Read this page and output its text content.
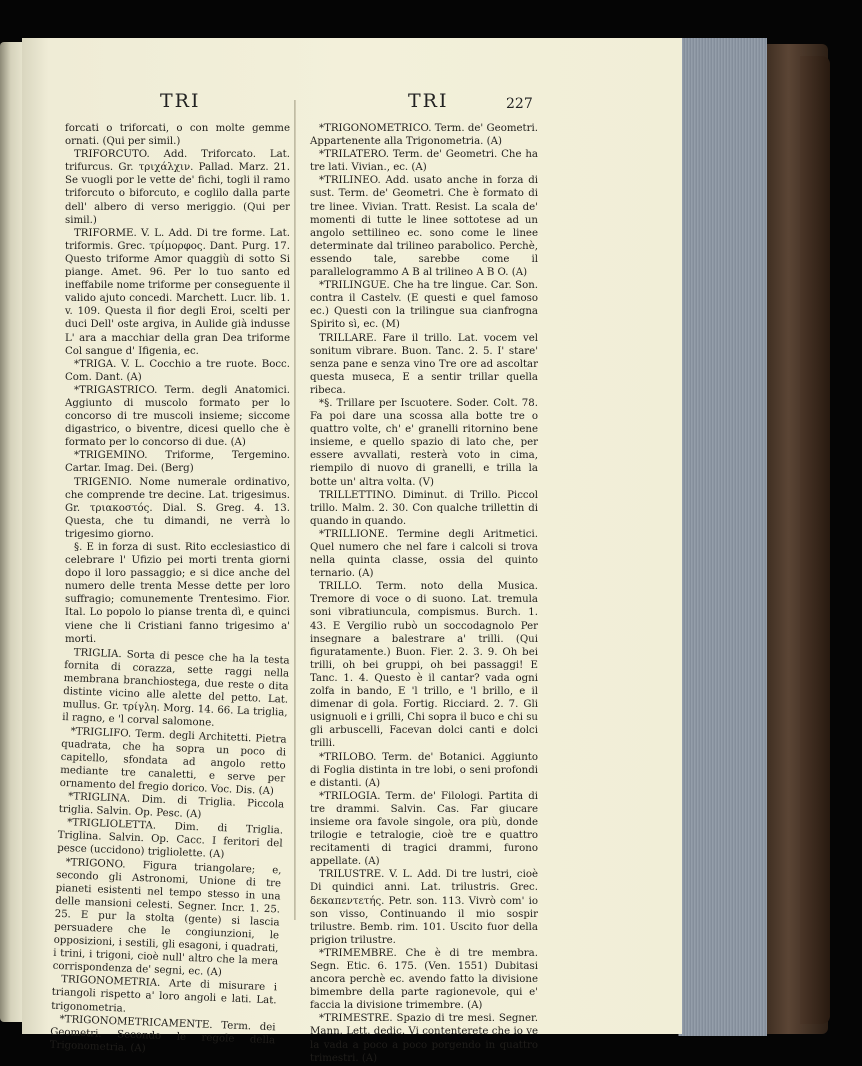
TRI	TRI	227

forcati o triforcati, o con molte gemme ornati. (Qui per simil.)

TRIFORCUTO. Add. Triforcato. Lat. trifurcus. Gr. τριχάλχιν. Pallad. Marz. 21. Se vuogli por le vette de' fichi, togli il ramo triforcuto o biforcuto, e coglilo dalla parte dell' albero di verso meriggio. (Qui per simil.)

TRIFORME. V. L. Add. Di tre forme. Lat. triformis. Grec. τρίμορφος. Dant. Purg. 17. Questo triforme Amor quaggiù di sotto Si piange. Amet. 96. Per lo tuo santo ed ineffabile nome triforme per conseguente il valido ajuto concedi. Marchett. Lucr. lib. 1. v. 109. Questa il fior degli Eroi, scelti per duci Dell' oste argiva, in Aulide già indusse L' ara a macchiar della gran Dea triforme Col sangue d' Ifigenia, ec.

*TRIGA. V. L. Cocchio a tre ruote. Bocc. Com. Dant. (A)

*TRIGASTRICO. Term. degli Anatomici. Aggiunto di muscolo formato per lo concorso di tre muscoli insieme; siccome digastrico, o biventre, dicesi quello che è formato per lo concorso di due. (A)

*TRIGEMINO. Triforme, Tergemino. Cartar. Imag. Dei. (Berg)

TRIGENIO. Nome numerale ordinativo, che comprende tre decine. Lat. trigesimus. Gr. τριακοστός. Dial. S. Greg. 4. 13. Questa, che tu dimandi, ne verrà lo trigesimo giorno.

§. E in forza di sust. Rito ecclesiastico di celebrare l' Ufizio pei morti trenta giorni dopo il loro passaggio; e si dice anche del numero delle trenta Messe dette per loro suffragio; comunemente Trentesimo. Fior. Ital. Lo popolo lo pianse trenta dì, e quinci viene che li Cristiani fanno trigesimo a' morti.

TRIGLIA. Sorta di pesce che ha la testa fornita di corazza, sette raggi nella membrana branchiostega, due reste o dita distinte vicino alle alette del petto. Lat. mullus. Gr. τρίγλη. Morg. 14. 66. La triglia, il ragno, e 'l corval salomone.

*TRIGLIFO. Term. degli Architetti. Pietra quadrata, che ha sopra un poco di capitello, sfondata ad angolo retto mediante tre canaletti, e serve per ornamento del fregio dorico. Voc. Dis. (A)

*TRIGLINA. Dim. di Triglia. Piccola triglia. Salvin. Op. Pesc. (A)

*TRIGLIOLETTA. Dim. di Triglia. Triglina. Salvin. Op. Cacc. I feritori del pesce (uccidono) trigliolette. (A)

*TRIGONO. Figura triangolare; e, secondo gli Astronomi, Unione di tre pianeti esistenti nel tempo stesso in una delle mansioni celesti. Segner. Incr. 1. 25. 25. E pur la stolta (gente) si lascia persuadere che le congiunzioni, le opposizioni, i sestili, gli esagoni, i quadrati, i trini, i trigoni, cioè null' altro che la mera corrispondenza de' segni, ec. (A)

TRIGONOMETRIA. Arte di misurare i triangoli rispetto a' loro angoli e lati. Lat. trigonometria.

*TRIGONOMETRICAMENTE. Term. dei Geometri. Secondo le regole della Trigonometria. (A)

*TRIGONOMETRICO. Term. de' Geometri. Appartenente alla Trigonometria. (A)

*TRILATERO. Term. de' Geometri. Che ha tre lati. Vivian., ec. (A)

*TRILINEO. Add. usato anche in forza di sust. Term. de' Geometri. Che è formato di tre linee. Vivian. Tratt. Resist. La scala de' momenti di tutte le linee sottotese ad un angolo settilineo ec. sono come le linee determinate dal trilineo parabolico. Perchè, essendo tale, sarebbe come il parallelogrammo A B al trilineo A B O. (A)

*TRILINGUE. Che ha tre lingue. Car. Son. contra il Castelv. (E questi e quel famoso ec.) Questi con la trilingue sua cianfrogna Spirito sì, ec. (M)

TRILLARE. Fare il trillo. Lat. vocem vel sonitum vibrare. Buon. Tanc. 2. 5. I' stare' senza pane e senza vino Tre ore ad ascoltar questa museca, E a sentir trillar quella ribeca.

*§. Trillare per Iscuotere. Soder. Colt. 78. Fa poi dare una scossa alla botte tre o quattro volte, ch' e' granelli ritornino bene insieme, e quello spazio di lato che, per essere avvallati, resterà voto in cima, riempilo di nuovo di granelli, e trilla la botte un' altra volta. (V)

TRILLETTINO. Diminut. di Trillo. Piccol trillo. Malm. 2. 30. Con qualche trillettin di quando in quando.

*TRILLIONE. Termine degli Aritmetici. Quel numero che nel fare i calcoli si trova nella quinta classe, ossia del quinto ternario. (A)

TRILLO. Term. noto della Musica. Tremore di voce o di suono. Lat. tremula soni vibratiuncula, compismus. Burch. 1. 43. E Vergilio rubò un soccodagnolo Per insegnare a balestrare a' trilli. (Qui figuratamente.) Buon. Fier. 2. 3. 9. Oh bei trilli, oh bei gruppi, oh bei passaggi! E Tanc. 1. 4. Questo è il cantar? vada ogni zolfa in bando, E 'l trillo, e 'l brillo, e il dimenar di gola. Fortig. Ricciard. 2. 7. Gli usignuoli e i grilli, Chi sopra il bucо e chi su gli arbuscelli, Facevan dolci canti e dolci trilli.

*TRILOBO. Term. de' Botanici. Aggiunto di Foglia distinta in tre lobi, o seni profondi e distanti. (A)

*TRILOGIA. Term. de' Filologi. Partita di tre drammi. Salvin. Cas. Far giucare insieme ora favole singole, ora più, donde trilogie e tetralogie, cioè tre e quattro recitamenti di tragici drammi, furono appellate. (A)

TRILUSTRE. V. L. Add. Di tre lustri, cioè Di quindici anni. Lat. trilustris. Grec. δεκαπεντετής. Petr. son. 113. Vivrò com' io son visso, Continuando il mio sospir trilustre. Bemb. rim. 101. Uscito fuor della prigion trilustre.

*TRIMEMBRE. Che è di tre membra. Segn. Etic. 6. 175. (Ven. 1551) Dubitasi ancora perchè ec. avendo fatto la divisione bimembre della parte ragionevole, qui e' faccia la divisione trimembre. (A)

*TRIMESTRE. Spazio di tre mesi. Segner. Mann. Lett. dedic. Vi contenterete che io ve la vada a poco a poco porgendo in quattro trimestri. (A)
